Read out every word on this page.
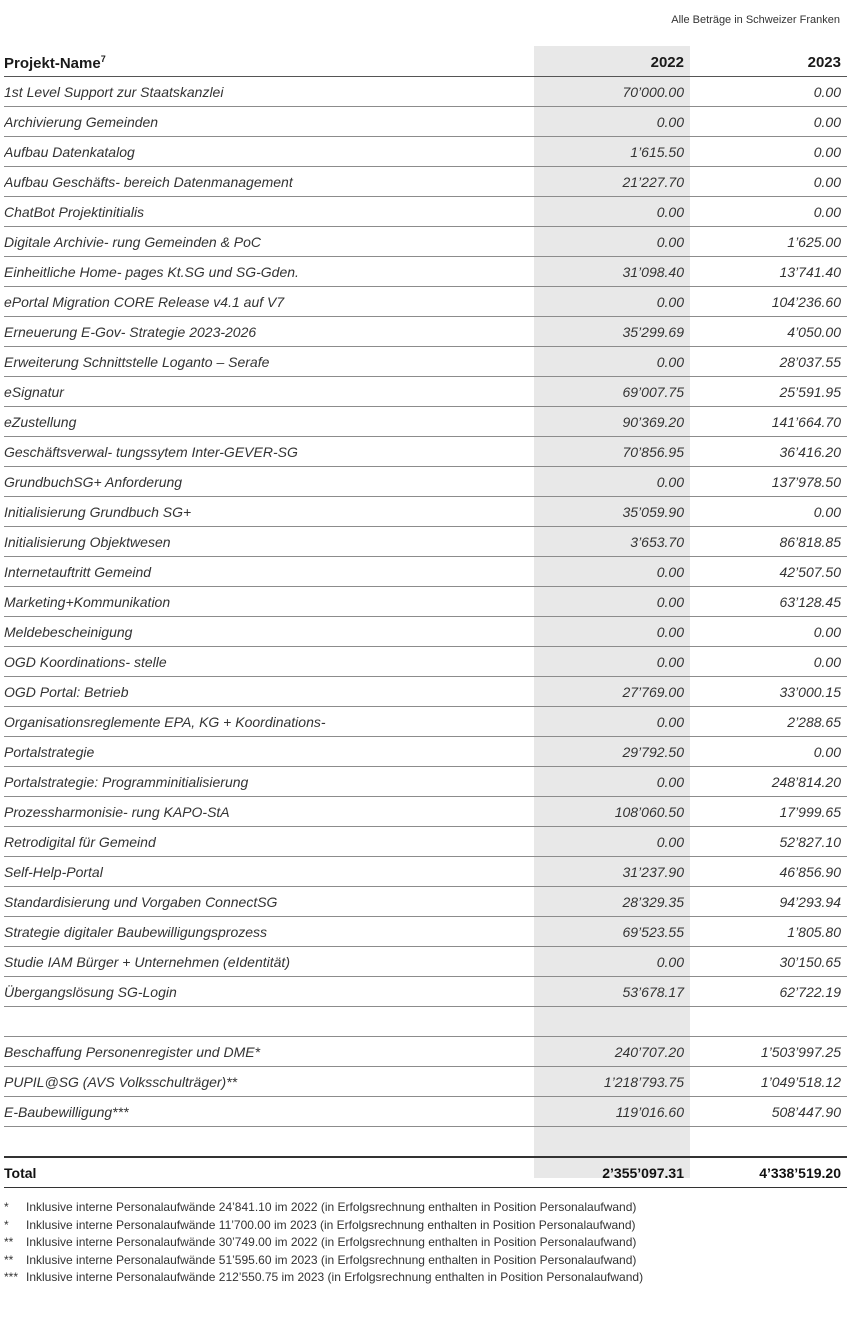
Alle Beträge in Schweizer Franken
Projekt-Name$^7$	2022	2023
1st Level Support zur Staatskanzlei	70’000.00	0.00
Archivierung Gemeinden	0.00	0.00
Aufbau Datenkatalog	1’615.50	0.00
Aufbau Geschäfts- bereich Datenmanagement	21’227.70	0.00
ChatBot Projektinitialis	0.00	0.00
Digitale Archivie- rung Gemeinden & PoC	0.00	1’625.00
Einheitliche Home- pages Kt.SG und SG-Gden.	31’098.40	13’741.40
ePortal Migration CORE Release v4.1 auf V7	0.00	104’236.60
Erneuerung E-Gov- Strategie 2023-2026	35’299.69	4’050.00
Erweiterung Schnittstelle Loganto – Serafe	0.00	28’037.55
eSignatur	69’007.75	25’591.95
eZustellung	90’369.20	141’664.70
Geschäftsverwal- tungssytem Inter-GEVER-SG	70’856.95	36’416.20
GrundbuchSG+ Anforderung	0.00	137’978.50
Initialisierung Grundbuch SG+	35’059.90	0.00
Initialisierung Objektwesen	3’653.70	86’818.85
Internetauftritt Gemeind	0.00	42’507.50
Marketing+Kommunikation	0.00	63’128.45
Meldebescheinigung	0.00	0.00
OGD Koordinations- stelle	0.00	0.00
OGD Portal: Betrieb	27’769.00	33’000.15
Organisationsreglemente EPA, KG + Koordinations-	0.00	2’288.65
Portalstrategie	29’792.50	0.00
Portalstrategie: Programminitialisierung	0.00	248’814.20
Prozessharmonisie- rung KAPO-StA	108’060.50	17’999.65
Retrodigital für Gemeind	0.00	52’827.10
Self-Help-Portal	31’237.90	46’856.90
Standardisierung und Vorgaben ConnectSG	28’329.35	94’293.94
Strategie digitaler Baubewilligungsprozess	69’523.55	1’805.80
Studie IAM Bürger + Unternehmen (eIdentität)	0.00	30’150.65
Übergangslösung SG-Login	53’678.17	62’722.19

Beschaffung Personenregister und DME*	240’707.20	1’503’997.25
PUPIL@SG (AVS Volksschulträger)**	1’218’793.75	1’049’518.12
E-Baubewilligung***	119’016.60	508’447.90

Total	2’355’097.31	4’338’519.20
* Inklusive interne Personalaufwände 24’841.10 im 2022 (in Erfolgsrechnung enthalten in Position Personalaufwand)
* Inklusive interne Personalaufwände 11’700.00 im 2023 (in Erfolgsrechnung enthalten in Position Personalaufwand)
** Inklusive interne Personalaufwände 30’749.00 im 2022 (in Erfolgsrechnung enthalten in Position Personalaufwand)
** Inklusive interne Personalaufwände 51’595.60 im 2023 (in Erfolgsrechnung enthalten in Position Personalaufwand)
*** Inklusive interne Personalaufwände 212’550.75 im 2023 (in Erfolgsrechnung enthalten in Position Personalaufwand)
